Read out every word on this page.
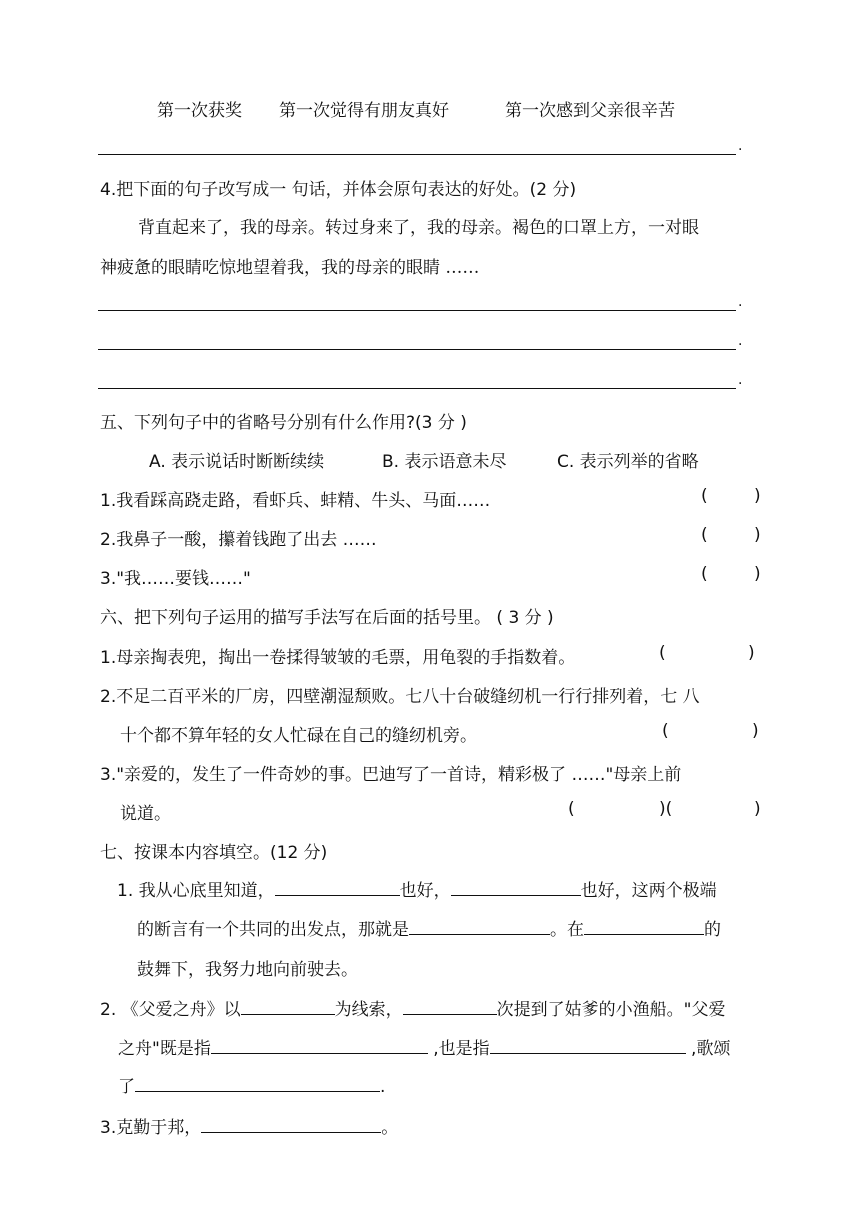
第一次获奖 第一次觉得有朋友真好	第一次感到父亲很辛苦
.
4.把下面的句子改写成一 句话，并体会原句表达的好处。(2 分)
背直起来了，我的母亲。转过身来了，我的母亲。褐色的口罩上方，一对眼
神疲惫的眼睛吃惊地望着我，我的母亲的眼睛 ……
.
.
.
五、下列句子中的省略号分别有什么作用?(3 分 )
A. 表示说话时断断续续	B. 表示语意未尽	C. 表示列举的省略
1.我看踩高跷走路，看虾兵、蚌精、牛头、马面……	(	)
2.我鼻子一酸，攥着钱跑了出去 ……	(	)
3."我……要钱……"	(	)
六、把下列句子运用的描写手法写在后面的括号里。 ( 3 分 )
1.母亲掏表兜，掏出一卷揉得皱皱的毛票，用龟裂的手指数着。	(	)
2.不足二百平米的厂房，四壁潮湿颓败。七八十台破缝纫机一行行排列着，七 八
十个都不算年轻的女人忙碌在自己的缝纫机旁。	(	)
3."亲爱的，发生了一件奇妙的事。巴迪写了一首诗，精彩极了 ……"母亲上前
说道。	(	)(	)
七、按课本内容填空。(12 分)
1. 我从心底里知道，	也好，	也好，这两个极端
的断言有一个共同的出发点，那就是	。在	的
鼓舞下，我努力地向前驶去。
2. 《父爱之舟》以	为线索，	次提到了姑爹的小渔船。"父爱
之舟"既是指	,也是指	,歌颂
了	.
3.克勤于邦，	。
